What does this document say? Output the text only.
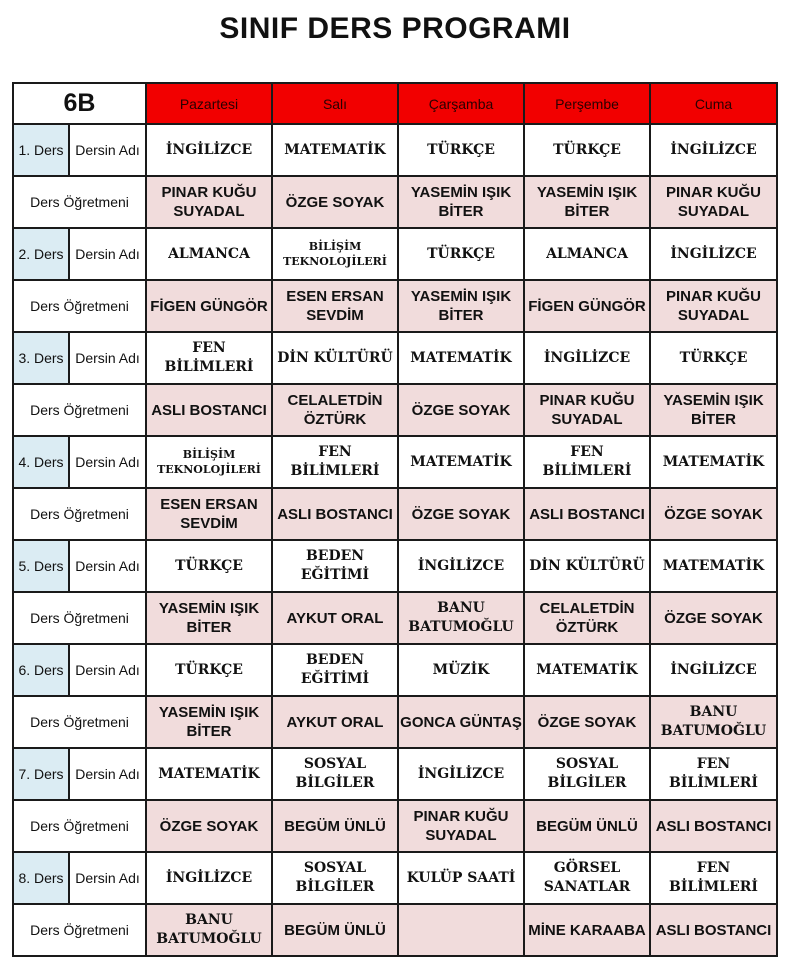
SINIF DERS PROGRAMI
6B		Pazartesi	Salı	Çarşamba	Perşembe	Cuma
1. Ders	Dersin Adı	İNGİLİZCE	MATEMATİK	TÜRKÇE	TÜRKÇE	İNGİLİZCE
Ders Öğretmeni		PINAR KUĞU SUYADAL	ÖZGE SOYAK	YASEMİN IŞIK BİTER	YASEMİN IŞIK BİTER	PINAR KUĞU SUYADAL
2. Ders	Dersin Adı	ALMANCA	BİLİŞİM TEKNOLOJİLERİ	TÜRKÇE	ALMANCA	İNGİLİZCE
Ders Öğretmeni		FİGEN GÜNGÖR	ESEN ERSAN SEVDİM	YASEMİN IŞIK BİTER	FİGEN GÜNGÖR	PINAR KUĞU SUYADAL
3. Ders	Dersin Adı	FEN BİLİMLERİ	DİN KÜLTÜRÜ	MATEMATİK	İNGİLİZCE	TÜRKÇE
Ders Öğretmeni		ASLI BOSTANCI	CELALETDİN ÖZTÜRK	ÖZGE SOYAK	PINAR KUĞU SUYADAL	YASEMİN IŞIK BİTER
4. Ders	Dersin Adı	BİLİŞİM TEKNOLOJİLERİ	FEN BİLİMLERİ	MATEMATİK	FEN BİLİMLERİ	MATEMATİK
Ders Öğretmeni		ESEN ERSAN SEVDİM	ASLI BOSTANCI	ÖZGE SOYAK	ASLI BOSTANCI	ÖZGE SOYAK
5. Ders	Dersin Adı	TÜRKÇE	BEDEN EĞİTİMİ	İNGİLİZCE	DİN KÜLTÜRÜ	MATEMATİK
Ders Öğretmeni		YASEMİN IŞIK BİTER	AYKUT ORAL	BANU BATUMOĞLU	CELALETDİN ÖZTÜRK	ÖZGE SOYAK
6. Ders	Dersin Adı	TÜRKÇE	BEDEN EĞİTİMİ	MÜZİK	MATEMATİK	İNGİLİZCE
Ders Öğretmeni		YASEMİN IŞIK BİTER	AYKUT ORAL	GONCA GÜNTAŞ	ÖZGE SOYAK	BANU BATUMOĞLU
7. Ders	Dersin Adı	MATEMATİK	SOSYAL BİLGİLER	İNGİLİZCE	SOSYAL BİLGİLER	FEN BİLİMLERİ
Ders Öğretmeni		ÖZGE SOYAK	BEGÜM ÜNLÜ	PINAR KUĞU SUYADAL	BEGÜM ÜNLÜ	ASLI BOSTANCI
8. Ders	Dersin Adı	İNGİLİZCE	SOSYAL BİLGİLER	KULÜP SAATİ	GÖRSEL SANATLAR	FEN BİLİMLERİ
Ders Öğretmeni		BANU BATUMOĞLU	BEGÜM ÜNLÜ		MİNE KARAABA	ASLI BOSTANCI
